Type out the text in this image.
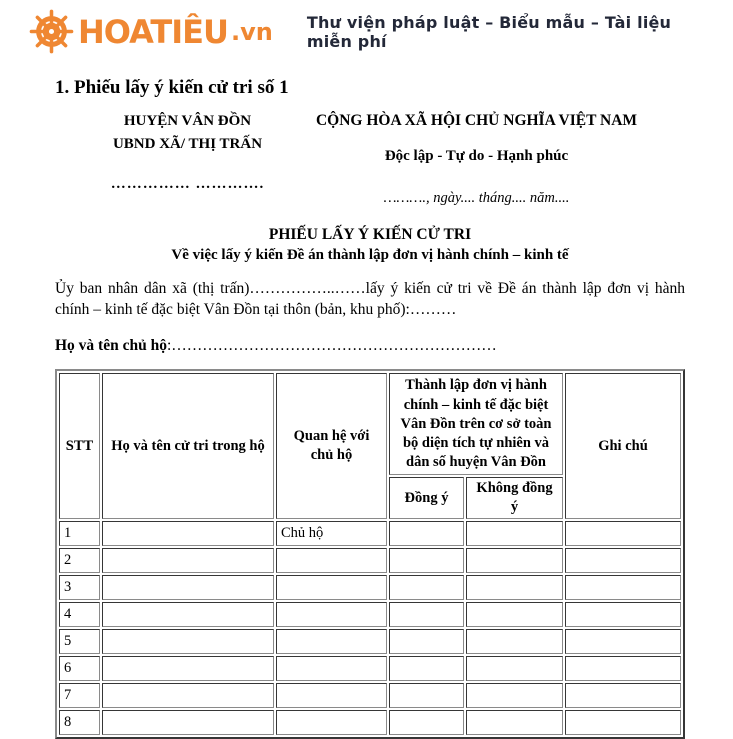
HOATIÊU .vn Thư viện pháp luật – Biểu mẫu – Tài liệu miễn phí
1. Phiếu lấy ý kiến cử tri số 1
HUYỆN VÂN ĐỒN
UBND XÃ/ THỊ TRẤN
…………… ………….
CỘNG HÒA XÃ HỘI CHỦ NGHĨA VIỆT NAM
Độc lập - Tự do - Hạnh phúc
………., ngày.... tháng.... năm....
PHIẾU LẤY Ý KIẾN CỬ TRI
Về việc lấy ý kiến Đề án thành lập đơn vị hành chính – kinh tế

Ủy ban nhân dân xã (thị trấn)……………..……lấy ý kiến cử tri về Đề án thành lập đơn vị hành chính – kinh tế đặc biệt Vân Đồn tại thôn (bản, khu phố):………

Họ và tên chủ hộ:………………………………………………………
STT	Họ và tên cử tri trong hộ	Quan hệ với chủ hộ	Thành lập đơn vị hành chính – kinh tế đặc biệt Vân Đồn trên cơ sở toàn bộ diện tích tự nhiên và dân số huyện Vân Đồn		Ghi chú
			Đồng ý	Không đồng ý	
1		Chủ hộ			
2					
3					
4					
5					
6					
7					
8					
